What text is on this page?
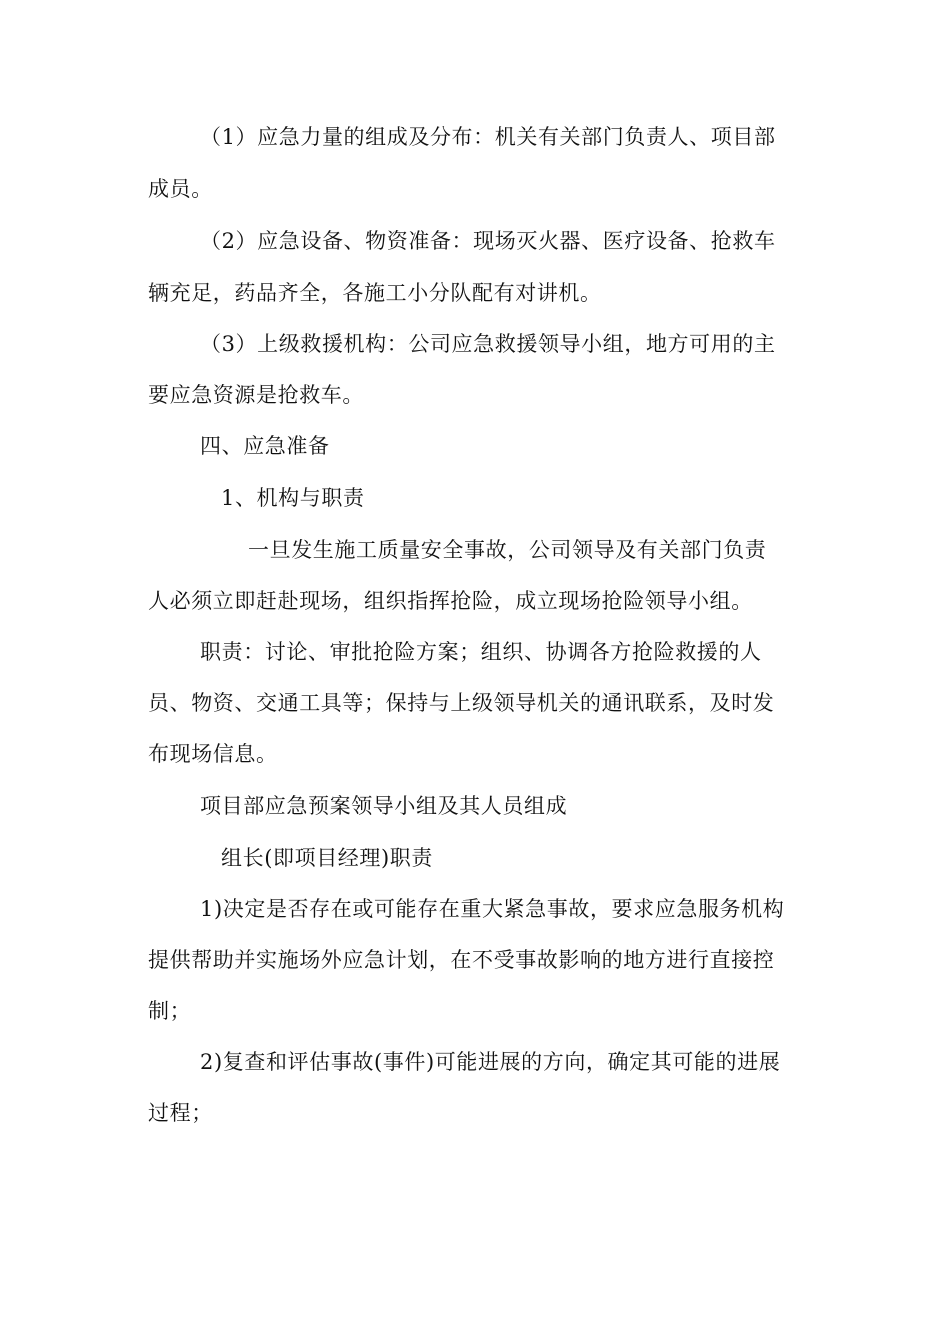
（1）应急力量的组成及分布：机关有关部门负责人、项目部
成员。
（2）应急设备、物资准备：现场灭火器、医疗设备、抢救车
辆充足，药品齐全，各施工小分队配有对讲机。
（3）上级救援机构：公司应急救援领导小组，地方可用的主
要应急资源是抢救车。
四、应急准备
1、机构与职责
一旦发生施工质量安全事故，公司领导及有关部门负责
人必须立即赶赴现场，组织指挥抢险，成立现场抢险领导小组。
职责：讨论、审批抢险方案；组织、协调各方抢险救援的人
员、物资、交通工具等；保持与上级领导机关的通讯联系，及时发
布现场信息。
项目部应急预案领导小组及其人员组成
组长(即项目经理)职责
1)决定是否存在或可能存在重大紧急事故，要求应急服务机构
提供帮助并实施场外应急计划，在不受事故影响的地方进行直接控
制；
2)复查和评估事故(事件)可能进展的方向，确定其可能的进展
过程；
